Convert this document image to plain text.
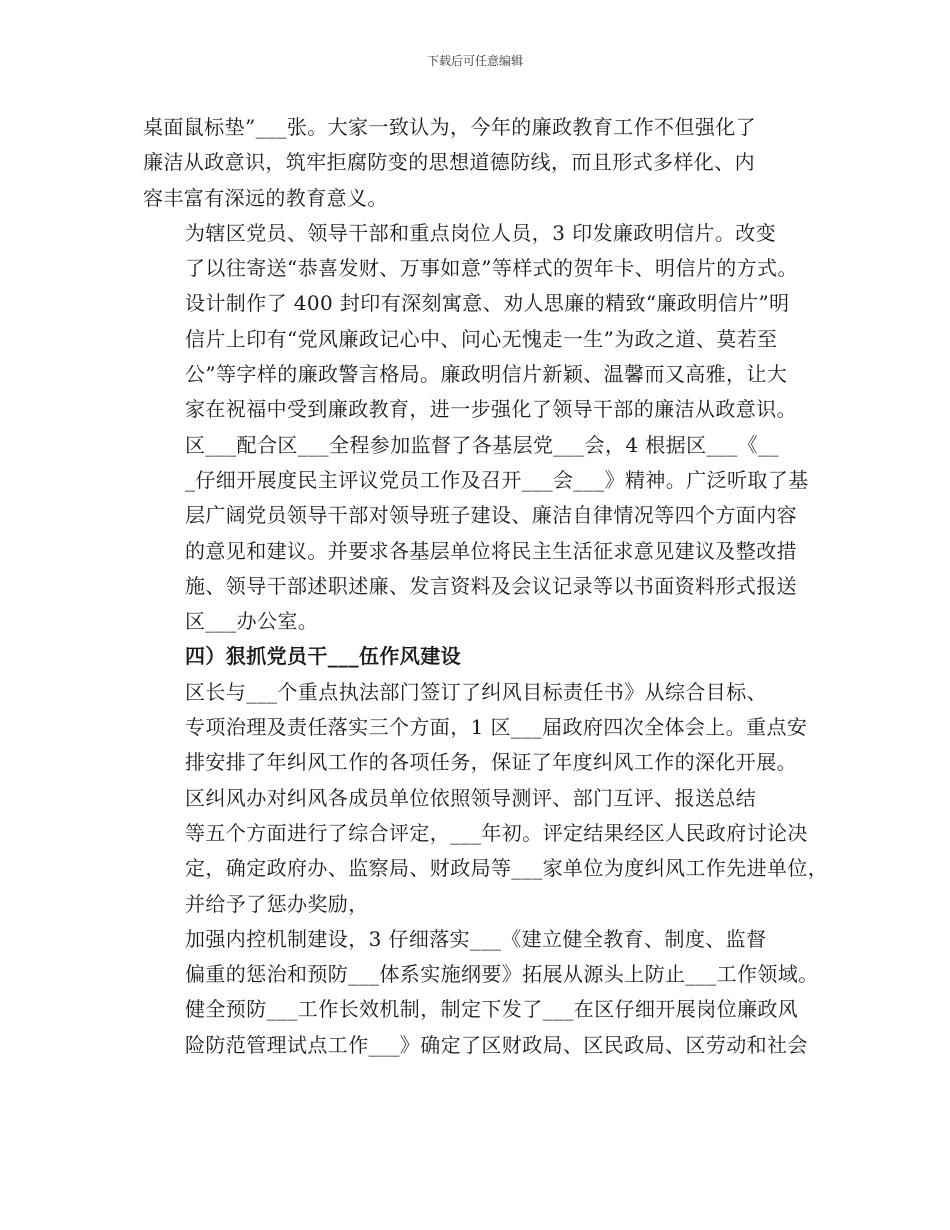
下载后可任意编辑

桌面鼠标垫”___张。大家一致认为，今年的廉政教育工作不但强化了
廉洁从政意识，筑牢拒腐防变的思想道德防线，而且形式多样化、内
容丰富有深远的教育意义。

为辖区党员、领导干部和重点岗位人员，3 印发廉政明信片。改变
了以往寄送“恭喜发财、万事如意”等样式的贺年卡、明信片的方式。
设计制作了 400 封印有深刻寓意、劝人思廉的精致“廉政明信片”明
信片上印有“党风廉政记心中、问心无愧走一生”为政之道、莫若至
公”等字样的廉政警言格局。廉政明信片新颖、温馨而又高雅，让大
家在祝福中受到廉政教育，进一步强化了领导干部的廉洁从政意识。

区___配合区___全程参加监督了各基层党___会，4 根据区___《__
_仔细开展度民主评议党员工作及召开___会___》精神。广泛听取了基
层广阔党员领导干部对领导班子建设、廉洁自律情况等四个方面内容
的意见和建议。并要求各基层单位将民主生活征求意见建议及整改措
施、领导干部述职述廉、发言资料及会议记录等以书面资料形式报送
区___办公室。

四）狠抓党员干___伍作风建设

区长与___个重点执法部门签订了纠风目标责任书》从综合目标、
专项治理及责任落实三个方面，1 区___届政府四次全体会上。重点安
排安排了年纠风工作的各项任务，保证了年度纠风工作的深化开展。

区纠风办对纠风各成员单位依照领导测评、部门互评、报送总结
等五个方面进行了综合评定，___年初。评定结果经区人民政府讨论决
定，确定政府办、监察局、财政局等___家单位为度纠风工作先进单位，
并给予了惩办奖励，

加强内控机制建设，3 仔细落实___《建立健全教育、制度、监督
偏重的惩治和预防___体系实施纲要》拓展从源头上防止___工作领域。
健全预防___工作长效机制，制定下发了___在区仔细开展岗位廉政风
险防范管理试点工作___》确定了区财政局、区民政局、区劳动和社会
